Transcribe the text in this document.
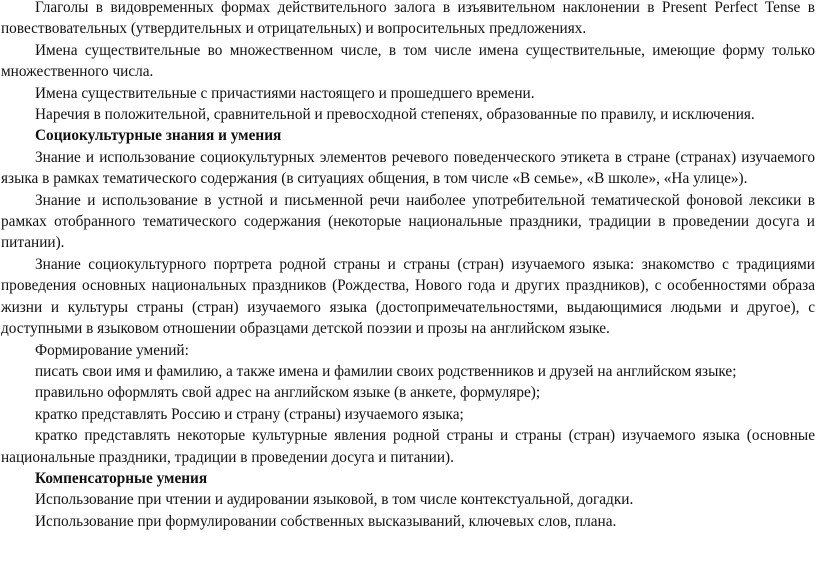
Глаголы в видовременных формах действительного залога в изъявительном наклонении в Present Perfect Tense в повествовательных (утвердительных и отрицательных) и вопросительных предложениях.

Имена существительные во множественном числе, в том числе имена существительные, имеющие форму только множественного числа.

Имена существительные с причастиями настоящего и прошедшего времени.

Наречия в положительной, сравнительной и превосходной степенях, образованные по правилу, и исключения.

Социокультурные знания и умения

Знание и использование социокультурных элементов речевого поведенческого этикета в стране (странах) изучаемого языка в рамках тематического содержания (в ситуациях общения, в том числе «В семье», «В школе», «На улице»).

Знание и использование в устной и письменной речи наиболее употребительной тематической фоновой лексики в рамках отобранного тематического содержания (некоторые национальные праздники, традиции в проведении досуга и питании).

Знание социокультурного портрета родной страны и страны (стран) изучаемого языка: знакомство с традициями проведения основных национальных праздников (Рождества, Нового года и других праздников), с особенностями образа жизни и культуры страны (стран) изучаемого языка (достопримечательностями, выдающимися людьми и другое), с доступными в языковом отношении образцами детской поэзии и прозы на английском языке.

Формирование умений:

писать свои имя и фамилию, а также имена и фамилии своих родственников и друзей на английском языке;

правильно оформлять свой адрес на английском языке (в анкете, формуляре);

кратко представлять Россию и страну (страны) изучаемого языка;

кратко представлять некоторые культурные явления родной страны и страны (стран) изучаемого языка (основные национальные праздники, традиции в проведении досуга и питании).

Компенсаторные умения

Использование при чтении и аудировании языковой, в том числе контекстуальной, догадки.

Использование при формулировании собственных высказываний, ключевых слов, плана.
